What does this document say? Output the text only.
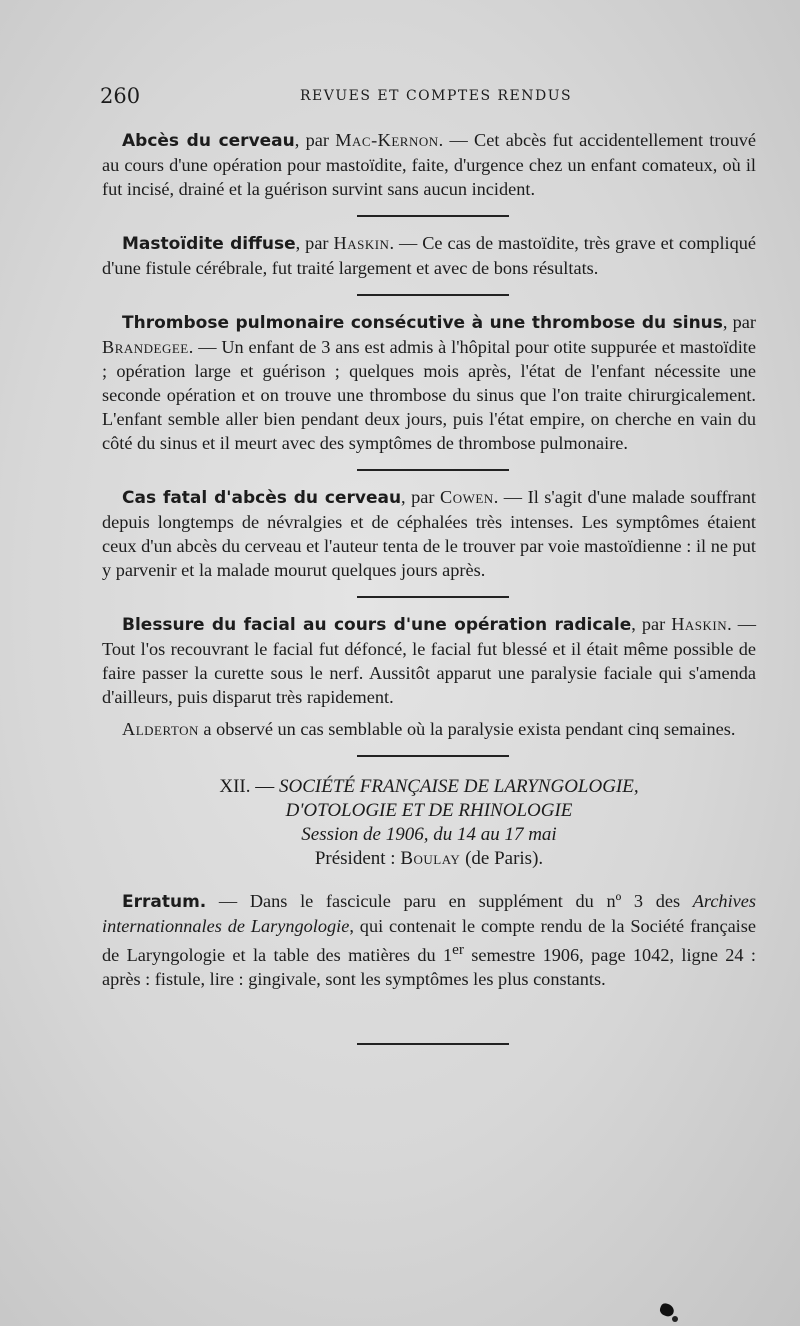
260	REVUES ET COMPTES RENDUS

Abcès du cerveau, par Mac-Kernon. — Cet abcès fut accidentellement trouvé au cours d'une opération pour mastoïdite, faite, d'urgence chez un enfant comateux, où il fut incisé, drainé et la guérison survint sans aucun incident.

Mastoïdite diffuse, par Haskin. — Ce cas de mastoïdite, très grave et compliqué d'une fistule cérébrale, fut traité largement et avec de bons résultats.

Thrombose pulmonaire consécutive à une thrombose du sinus, par Brandegee. — Un enfant de 3 ans est admis à l'hôpital pour otite suppurée et mastoïdite ; opération large et guérison ; quelques mois après, l'état de l'enfant nécessite une seconde opération et on trouve une thrombose du sinus que l'on traite chirurgicalement. L'enfant semble aller bien pendant deux jours, puis l'état empire, on cherche en vain du côté du sinus et il meurt avec des symptômes de thrombose pulmonaire.

Cas fatal d'abcès du cerveau, par Cowen. — Il s'agit d'une malade souffrant depuis longtemps de névralgies et de céphalées très intenses. Les symptômes étaient ceux d'un abcès du cerveau et l'auteur tenta de le trouver par voie mastoïdienne : il ne put y parvenir et la malade mourut quelques jours après.

Blessure du facial au cours d'une opération radicale, par Haskin. — Tout l'os recouvrant le facial fut défoncé, le facial fut blessé et il était même possible de faire passer la curette sous le nerf. Aussitôt apparut une paralysie faciale qui s'amenda d'ailleurs, puis disparut très rapidement.

Alderton a observé un cas semblable où la paralysie exista pendant cinq semaines.

XII. — SOCIÉTÉ FRANÇAISE DE LARYNGOLOGIE,
D'OTOLOGIE ET DE RHINOLOGIE
Session de 1906, du 14 au 17 mai
Président : Boulay (de Paris).

Erratum. — Dans le fascicule paru en supplément du nº 3 des Archives internationnales de Laryngologie, qui contenait le compte rendu de la Société française de Laryngologie et la table des matières du 1er semestre 1906, page 1042, ligne 24 : après : fistule, lire : gingivale, sont les symptômes les plus constants.
